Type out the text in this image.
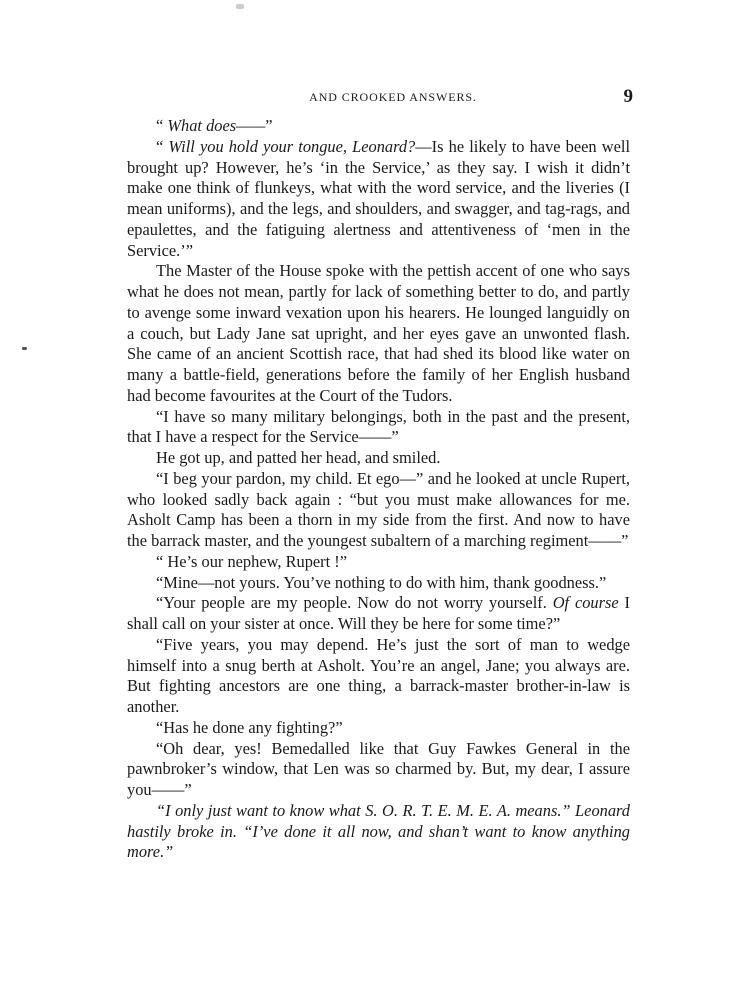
AND CROOKED ANSWERS.	9

“ What does——”

“ Will you hold your tongue, Leonard?—Is he likely to have been well brought up? However, he’s ‘in the Service,’ as they say. I wish it didn’t make one think of flunkeys, what with the word service, and the liveries (I mean uniforms), and the legs, and shoulders, and swagger, and tag-rags, and epaulettes, and the fatiguing alertness and attentiveness of ‘men in the Service.’”

The Master of the House spoke with the pettish accent of one who says what he does not mean, partly for lack of something better to do, and partly to avenge some inward vexation upon his hearers. He lounged languidly on a couch, but Lady Jane sat upright, and her eyes gave an unwonted flash. She came of an ancient Scottish race, that had shed its blood like water on many a battle-field, generations before the family of her English husband had become favourites at the Court of the Tudors.

“I have so many military belongings, both in the past and the present, that I have a respect for the Service——”

He got up, and patted her head, and smiled.

“I beg your pardon, my child. Et ego—” and he looked at uncle Rupert, who looked sadly back again : “but you must make allowances for me. Asholt Camp has been a thorn in my side from the first. And now to have the barrack master, and the youngest subaltern of a marching regiment——”

“ He’s our nephew, Rupert !”

“Mine—not yours. You’ve nothing to do with him, thank goodness.”

“Your people are my people. Now do not worry yourself. Of course I shall call on your sister at once. Will they be here for some time?”

“Five years, you may depend. He’s just the sort of man to wedge himself into a snug berth at Asholt. You’re an angel, Jane; you always are. But fighting ancestors are one thing, a barrack-master brother-in-law is another.

“Has he done any fighting?”

“Oh dear, yes! Bemedalled like that Guy Fawkes General in the pawnbroker’s window, that Len was so charmed by. But, my dear, I assure you——”

“I only just want to know what S. O. R. T. E. M. E. A. means.” Leonard hastily broke in. “I’ve done it all now, and shan’t want to know anything more.”
